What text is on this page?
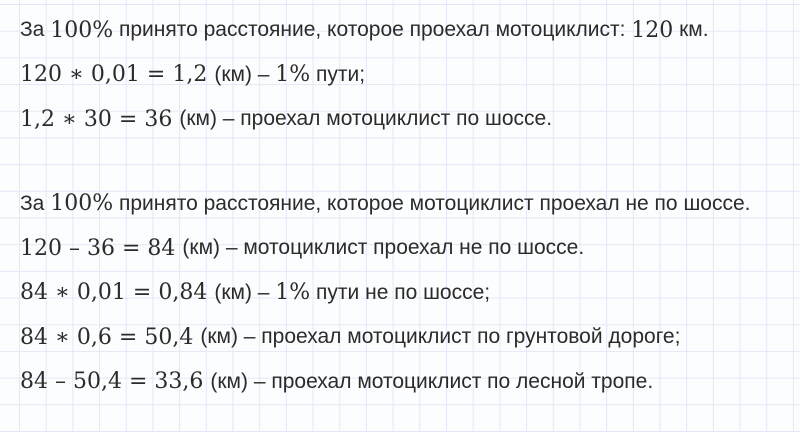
За 100% принято расстояние, которое проехал мотоциклист: 120 км.
120 ∗ 0,01 = 1,2 (км) – 1% пути;
1,2 ∗ 30 = 36 (км) – проехал мотоциклист по шоссе.
За 100% принято расстояние, которое мотоциклист проехал не по шоссе.
120 – 36 = 84 (км) – мотоциклист проехал не по шоссе.
84 ∗ 0,01 = 0,84 (км) – 1% пути не по шоссе;
84 ∗ 0,6 = 50,4 (км) – проехал мотоциклист по грунтовой дороге;
84 – 50,4 = 33,6 (км) – проехал мотоциклист по лесной тропе.
